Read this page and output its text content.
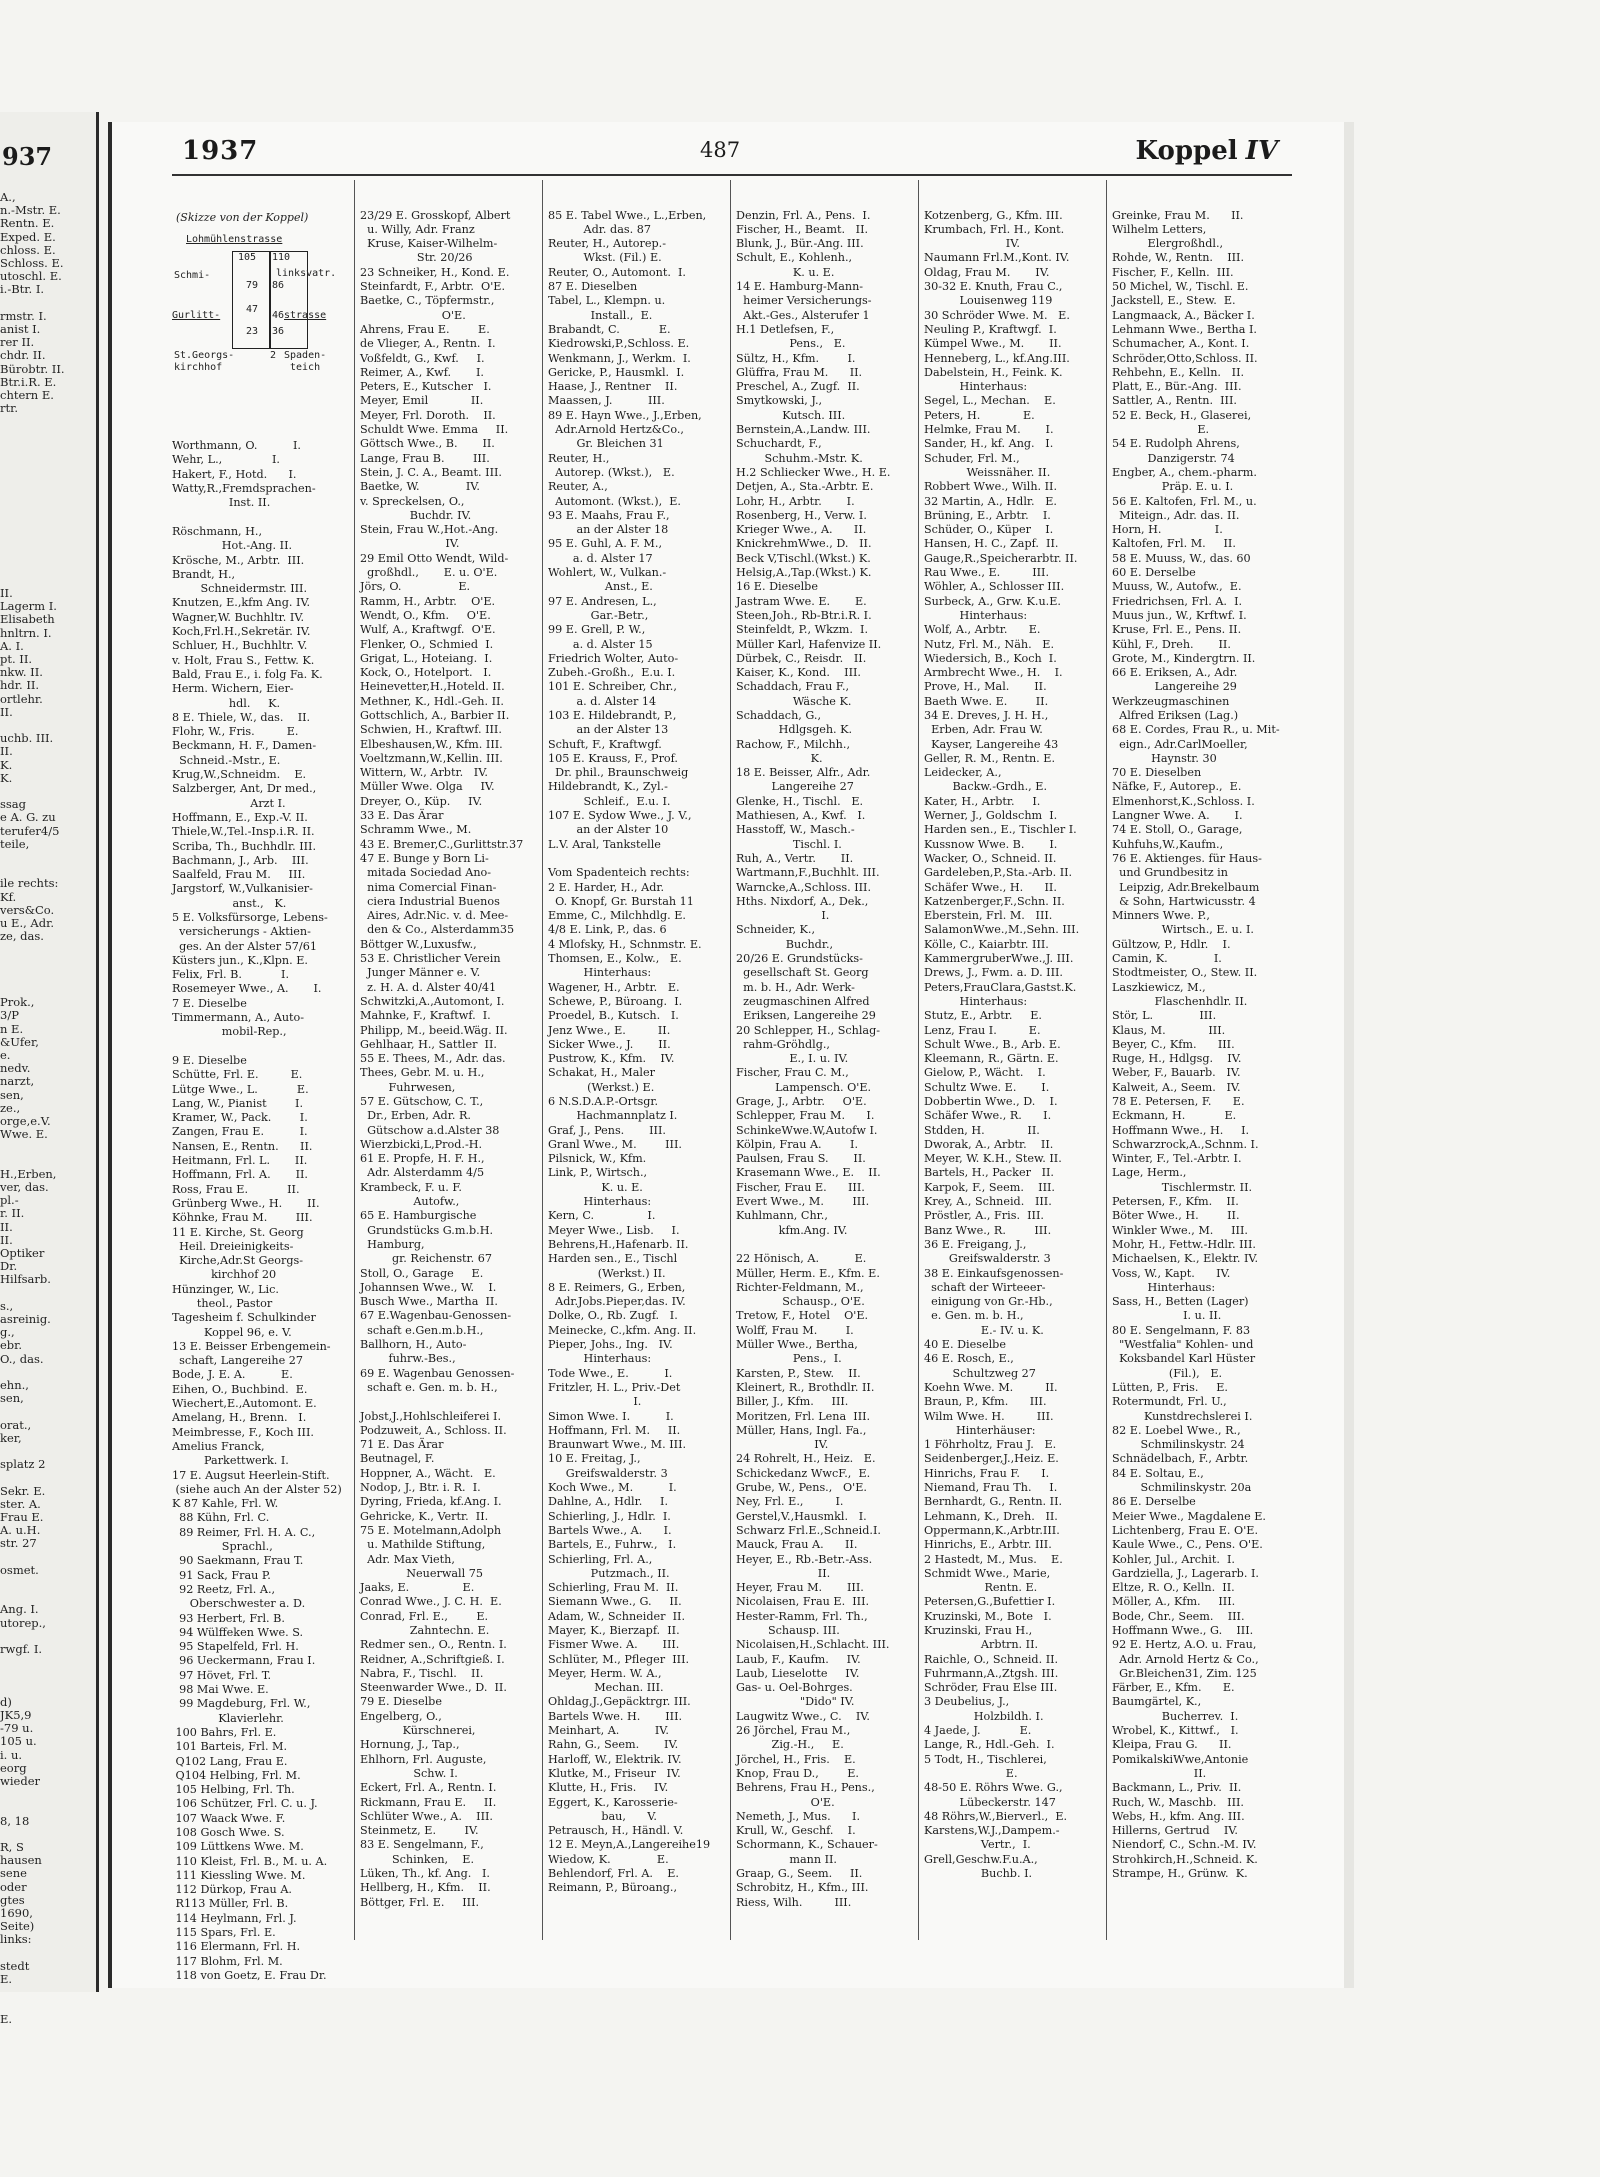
937
A.,
n.-Mstr. E.
Rentn. E.
Exped. E.
chloss. E.
Schloss. E.
utoschl. E.
i.-Btr. I.
rmstr. I.
anist I.
rer II.
chdr. II.
Bürobtr. II.
Btr.i.R. E.
chtern E.
rtr.
II.
Lagerm I.
Elisabeth
hnltrn. I.
A. I.
pt. II.
nkw. II.
hdr. II.
ortlehr.
II.
uchb. III.
II.
K.
K.
ssag
e A. G. zu
terufer4/5
teile,
ile rechts:
Kf.
vers&Co.
u E., Adr.
ze, das.
Prok.,
3/P
n E.
&Ufer,
e.
nedv.
narzt,
sen,
ze.,
orge,e.V.
Wwe. E.
H.,Erben,
ver, das.
pl.-
r. II.
II.
II.
Optiker
Dr.
Hilfsarb.
s.,
asreinig.
g.,
ebr.
O., das.
ehn.,
sen,
orat.,
ker,
splatz 2
Sekr. E.
ster. A.
Frau E.
A. u.H.
str. 27
osmet.
Ang. I.
utorep.,
rwgf. I.
d)
JK5,9
-79 u.
105 u.
i. u.
eorg
wieder
8, 18
R, S
hausen
senе
oder
gtes
1690,
Seite)
links:
stedt
E.
E.
1937	487	Koppel IV

(Skizze von der Koppel)

Lohmühlenstrasse

105

110

Schmi-

79

86

linksvatr.

Gurlitt-

47

46

strasse

23

36

St.Georgs-

kirchhof

2

Spaden-

teich

Worthmann, O.          I.
Wehr, L.,              I.
Hakert, F., Hotd.      I.
Watty,R.,Fremdsprachen-
Inst. II.

Röschmann, H.,
Hot.-Ang. II.
Krösche, M., Arbtr.  III.
Brandt, H.,
Schneidermstr. III.
Knutzen, E.,kfm Ang. IV.
Wagner,W. Buchhltr. IV.
Koch,Frl.H.,Sekretär. IV.
Schluer, H., Buchhltr. V.
v. Holt, Frau S., Fettw. K.
Bald, Frau E., i. folg Fa. K.
Herm. Wichern, Eier-
hdl.     K.
8 E. Thiele, W., das.    II.
Flohr, W., Fris.         E.
Beckmann, H. F., Damen-
Schneid.-Mstr., E.
Krug,W.,Schneidm.    E.
Salzberger, Ant, Dr med.,
Arzt I.
Hoffmann, E., Exp.-V. II.
Thiele,W.,Tel.-Insp.i.R. II.
Scriba, Th., Buchhdlr. III.
Bachmann, J., Arb.    III.
Saalfeld, Frau M.     III.
Jargstorf, W.,Vulkanisier-
anst.,   K.
5 E. Volksfürsorge, Lebens-
versicherungs - Aktien-
ges. An der Alster 57/61
Küsters jun., K.,Klpn. E.
Felix, Frl. B.           I.
Rosemeyer Wwe., A.       I.
7 E. Dieselbe
Timmermann, A., Auto-
mobil-Rep.,

9 E. Dieselbe
Schütte, Frl. E.         E.
Lütge Wwe., L.           E.
Lang, W., Pianist        I.
Kramer, W., Pack.        I.
Zangen, Frau E.          I.
Nansen, E., Rentn.      II.
Heitmann, Frl. L.       II.
Hoffmann, Frl. A.       II.
Ross, Frau E.           II.
Grünberg Wwe., H.       II.
Köhnke, Frau M.        III.
11 E. Kirche, St. Georg
Heil. Dreieinigkeits-
Kirche,Adr.St Georgs-
kirchhof 20
Hünzinger, W., Lic.
theol., Pastor
Tagesheim f. Schulkinder
Koppel 96, e. V.
13 E. Beisser Erbengemein-
schaft, Langereihe 27
Bode, J. E. A.          E.
Eihen, O., Buchbind.  E.
Wiechert,E.,Automont. E.
Amelang, H., Brenn.   I.
Meimbresse, F., Koch III.
Amelius Franck,
Parkettwerk. I.
17 E. Augsut Heerlein-Stift.
(siehe auch An der Alster 52)
K 87 Kahle, Frl. W.
88 Kühn, Frl. C.
89 Reimer, Frl. H. A. C.,
Sprachl.,
90 Saekmann, Frau T.
91 Sack, Frau P.
92 Reetz, Frl. A.,
Oberschwester a. D.
93 Herbert, Frl. B.
94 Wülffeken Wwe. S.
95 Stapelfeld, Frl. H.
96 Ueckermann, Frau I.
97 Hövet, Frl. T.
98 Mai Wwe. E.
99 Magdeburg, Frl. W.,
Klavierlehr.
100 Bahrs, Frl. E.
101 Barteis, Frl. M.
Q102 Lang, Frau E.
Q104 Helbing, Frl. M.
105 Helbing, Frl. Th.
106 Schützer, Frl. C. u. J.
107 Waack Wwe. F.
108 Gosch Wwe. S.
109 Lüttkens Wwe. M.
110 Kleist, Frl. B., M. u. A.
111 Kiessling Wwe. M.
112 Dürkop, Frau A.
R113 Müller, Frl. B.
114 Heylmann, Frl. J.
115 Spars, Frl. E.
116 Elermann, Frl. H.
117 Blohm, Frl. M.
118 von Goetz, E. Frau Dr.

23/29 E. Grosskopf, Albert
u. Willy, Adr. Franz
Kruse, Kaiser-Wilhelm-
Str. 20/26
23 Schneiker, H., Kond. E.
Steinfardt, F., Arbtr.  O'E.
Baetke, C., Töpfermstr.,
O'E.
Ahrens, Frau E.        E.
de Vlieger, A., Rentn.  I.
Voßfeldt, G., Kwf.     I.
Reimer, A., Kwf.       I.
Peters, E., Kutscher   I.
Meyer, Emil            II.
Meyer, Frl. Doroth.    II.
Schuldt Wwe. Emma     II.
Göttsch Wwe., B.       II.
Lange, Frau B.        III.
Stein, J. C. A., Beamt. III.
Baetke, W.             IV.
v. Spreckelsen, O.,
Buchdr. IV.
Stein, Frau W.,Hot.-Ang.
IV.
29 Emil Otto Wendt, Wild-
großhdl.,       E. u. O'E.
Jörs, O.                E.
Ramm, H., Arbtr.    O'E.
Wendt, O., Kfm.     O'E.
Wulf, A., Kraftwgf.  O'E.
Flenker, O., Schmied  I.
Grigat, L., Hoteiang.  I.
Kock, O., Hotelport.   I.
Heinevetter,H.,Hoteld. II.
Methner, K., Hdl.-Geh. II.
Gottschlich, A., Barbier II.
Schwien, H., Kraftwf. III.
Elbeshausen,W., Kfm. III.
Voeltzmann,W.,Kellin. III.
Wittern, W., Arbtr.   IV.
Müller Wwe. Olga     IV.
Dreyer, O., Küp.     IV.
33 E. Das Ärar
Schramm Wwe., M.
43 E. Bremer,C.,Gurlittstr.37
47 E. Bunge y Born Li-
mitada Sociedad Ano-
nima Comercial Finan-
ciera Industrial Buenos
Aires, Adr.Nic. v. d. Mee-
den & Co., Alsterdamm35
Böttger W.,Luxusfw.,
53 E. Christlicher Verein
Junger Männer e. V.
z. H. A. d. Alster 40/41
Schwitzki,A.,Automont, I.
Mahnke, F., Kraftwf.  I.
Philipp, M., beeid.Wäg. II.
Gehlhaar, H., Sattler  II.
55 E. Thees, M., Adr. das.
Thees, Gebr. M. u. H.,
Fuhrwesen,
57 E. Gütschow, C. T.,
Dr., Erben, Adr. R.
Gütschow a.d.Alster 38
Wierzbicki,L,Prod.-H.
61 E. Propfe, H. F. H.,
Adr. Alsterdamm 4/5
Krambeck, F. u. F.
Autofw.,
65 E. Hamburgische
Grundstücks G.m.b.H.
Hamburg,
gr. Reichenstr. 67
Stoll, O., Garage     E.
Johannsen Wwe., W.    I.
Busch Wwe., Martha  II.
67 E.Wagenbau-Genossen-
schaft e.Gen.m.b.H.,
Ballhorn, H., Auto-
fuhrw.-Bes.,
69 E. Wagenbau Genossen-
schaft e. Gen. m. b. H.,

Jobst,J.,Hohlschleiferei I.
Podzuweit, A., Schloss. II.
71 E. Das Ärar
Beutnagel, F.
Hoppner, A., Wächt.   E.
Nodop, J., Btr. i. R.  I.
Dyring, Frieda, kf.Ang. I.
Gehricke, K., Vertr.  II.
75 E. Motelmann,Adolph
u. Mathilde Stiftung,
Adr. Max Vieth,
Neuerwall 75
Jaaks, E.               E.
Conrad Wwe., J. C. H.  E.
Conrad, Frl. E.,        E.
Zahntechn. E.
Redmer sen., O., Rentn. I.
Reidner, A.,Schriftgieß. I.
Nabra, F., Tischl.    II.
Steenwarder Wwe., D.  II.
79 E. Dieselbe
Engelberg, O.,
Kürschnerei,
Hornung, J., Tap.,
Ehlhorn, Frl. Auguste,
Schw. I.
Eckert, Frl. A., Rentn. I.
Rickmann, Frau E.     II.
Schlüter Wwe., A.    III.
Steinmetz, E.        IV.
83 E. Sengelmann, F.,
Schinken,    E.
Lüken, Th., kf. Ang.   I.
Hellberg, H., Kfm.    II.
Böttger, Frl. E.     III.

85 E. Tabel Wwe., L.,Erben,
Adr. das. 87
Reuter, H., Autorep.-
Wkst. (Fil.) E.
Reuter, O., Automont.  I.
87 E. Dieselben
Tabel, L., Klempn. u.
Install.,  E.
Brabandt, C.           E.
Kiedrowski,P.,Schloss. E.
Wenkmann, J., Werkm.  I.
Gericke, P., Hausmkl.  I.
Haase, J., Rentner    II.
Maassen, J.          III.
89 E. Hayn Wwe., J.,Erben,
Adr.Arnold Hertz&Co.,
Gr. Bleichen 31
Reuter, H.,
Autorep. (Wkst.),   E.
Reuter, A.,
Automont. (Wkst.),  E.
93 E. Maahs, Frau F.,
an der Alster 18
95 E. Guhl, A. F. M.,
a. d. Alster 17
Wohlert, W., Vulkan.-
Anst., E.
97 E. Andresen, L.,
Gar.-Betr.,
99 E. Grell, P. W.,
a. d. Alster 15
Friedrich Wolter, Auto-
Zubeh.-Großh.,  E.u. I.
101 E. Schreiber, Chr.,
a. d. Alster 14
103 E. Hildebrandt, P.,
an der Alster 13
Schuft, F., Kraftwgf.
105 E. Krauss, F., Prof.
Dr. phil., Braunschweig
Hildebrandt, K., Zyl.-
Schleif.,  E.u. I.
107 E. Sydow Wwe., J. V.,
an der Alster 10
L.V. Aral, Tankstelle

Vom Spadenteich rechts:
2 E. Harder, H., Adr.
O. Knopf, Gr. Burstah 11
Emme, C., Milchhdlg. E.
4/8 E. Link, P., das. 6
4 Mlofsky, H., Schnmstr. E.
Thomsen, E., Kolw.,   E.
Hinterhaus:
Wagener, H., Arbtr.   E.
Schewe, P., Büroang.  I.
Proedel, B., Kutsch.   I.
Jenz Wwe., E.         II.
Sicker Wwe., J.       II.
Pustrow, K., Kfm.    IV.
Schakat, H., Maler
(Werkst.) E.
6 N.S.D.A.P.-Ortsgr.
Hachmannplatz I.
Graf, J., Pens.       III.
Granl Wwe., M.        III.
Pilsnick, W., Kfm.
Link, P., Wirtsch.,
K. u. E.
Hinterhaus:
Kern, C.               I.
Meyer Wwe., Lisb.     I.
Behrens,H.,Hafenarb. II.
Harden sen., E., Tischl
(Werkst.) II.
8 E. Reimers, G., Erben,
Adr.Jobs.Pieper,das. IV.
Dolke, O., Rb. Zugf.   I.
Meinecke, C.,kfm. Ang. II.
Pieper, Johs., Ing.   IV.
Hinterhaus:
Tode Wwe., E.          I.
Fritzler, H. L., Priv.-Det
I.
Simon Wwe. I.          I.
Hoffmann, Frl. M.     II.
Braunwart Wwe., M. III.
10 E. Freitag, J.,
Greifswalderstr. 3
Koch Wwe., M.          I.
Dahlne, A., Hdlr.     I.
Schierling, J., Hdlr.  I.
Bartels Wwe., A.      I.
Bartels, E., Fuhrw.,   I.
Schierling, Frl. A.,
Putzmach., II.
Schierling, Frau M.  II.
Siemann Wwe., G.     II.
Adam, W., Schneider  II.
Mayer, K., Bierzapf.  II.
Fismer Wwe. A.       III.
Schlüter, M., Pfleger  III.
Meyer, Herm. W. A.,
Mechan. III.
Ohldag,J.,Gepäcktrgr. III.
Bartels Wwe. H.       III.
Meinhart, A.          IV.
Rahn, G., Seem.       IV.
Harloff, W., Elektrik. IV.
Klutke, M., Friseur   IV.
Klutte, H., Fris.     IV.
Eggert, K., Karosserie-
bau,      V.
Petrausch, H., Händl. V.
12 E. Meyn,A.,Langereihe19
Wiedow, K.             E.
Behlendorf, Frl. A.    E.
Reimann, P., Büroang.,

Denzin, Frl. A., Pens.  I.
Fischer, H., Beamt.   II.
Blunk, J., Bür.-Ang. III.
Schult, E., Kohlenh.,
K. u. E.
14 E. Hamburg-Mann-
heimer Versicherungs-
Akt.-Ges., Alsterufer 1
H.1 Detlefsen, F.,
Pens.,   E.
Sültz, H., Kfm.        I.
Glüffra, Frau M.      II.
Preschel, A., Zugf.  II.
Smytkowski, J.,
Kutsch. III.
Bernstein,A.,Landw. III.
Schuchardt, F.,
Schuhm.-Mstr. K.
H.2 Schliecker Wwe., H. E.
Detjen, A., Sta.-Arbtr. E.
Lohr, H., Arbtr.       I.
Rosenberg, H., Verw. I.
Krieger Wwe., A.      II.
KnickrehmWwe., D.   II.
Beck V,Tischl.(Wkst.) K.
Helsig,A.,Tap.(Wkst.) K.
16 E. Dieselbe
Jastram Wwe. E.       E.
Steen,Joh., Rb-Btr.i.R. I.
Steinfeldt, P., Wkzm.  I.
Müller Karl, Hafenvize II.
Dürbek, C., Reisdr.   II.
Kaiser, K., Kond.    III.
Schaddach, Frau F.,
Wäsche K.
Schaddach, G.,
Hdlgsgeh. K.
Rachow, F., Milchh.,
K.
18 E. Beisser, Alfr., Adr.
Langereihe 27
Glenke, H., Tischl.   E.
Mathiesen, A., Kwf.   I.
Hasstoff, W., Masch.-
Tischl. I.
Ruh, A., Vertr.       II.
Wartmann,F.,Buchhlt. III.
Warncke,A.,Schloss. III.
Hths. Nixdorf, A., Dek.,
I.
Schneider, K.,
Buchdr.,
20/26 E. Grundstücks-
gesellschaft St. Georg
m. b. H., Adr. Werk-
zeugmaschinen Alfred
Eriksen, Langereihe 29
20 Schlepper, H., Schlag-
rahm-Gröhdlg.,
E., I. u. IV.
Fischer, Frau C. M.,
Lampensch. O'E.
Grage, J., Arbtr.     O'E.
Schlepper, Frau M.      I.
SchinkeWwe.W,Autofw I.
Kölpin, Frau A.        I.
Paulsen, Frau S.       II.
Krasemann Wwe., E.    II.
Fischer, Frau E.      III.
Evert Wwe., M.        III.
Kuhlmann, Chr.,
kfm.Ang. IV.

22 Hönisch, A.          E.
Müller, Herm. E., Kfm. E.
Richter-Feldmann, M.,
Schausp., O'E.
Tretow, F., Hotel    O'E.
Wolff, Frau M.        I.
Müller Wwe., Bertha,
Pens.,  I.
Karsten, P., Stew.    II.
Kleinert, R., Brothdlr. II.
Biller, J., Kfm.     III.
Moritzen, Frl. Lena  III.
Müller, Hans, Ingl. Fa.,
IV.
24 Rohrelt, H., Heiz.   E.
Schickedanz WwcF.,  E.
Grube, W., Pens.,   O'E.
Ney, Frl. E.,         I.
Gerstel,V.,Hausmkl.   I.
Schwarz Frl.E.,Schneid.I.
Mauck, Frau A.      II.
Heyer, E., Rb.-Betr.-Ass.
II.
Heyer, Frau M.       III.
Nicolaisen, Frau E.  III.
Hester-Ramm, Frl. Th.,
Schausp. III.
Nicolaisen,H.,Schlacht. III.
Laub, F., Kaufm.     IV.
Laub, Lieselotte     IV.
Gas- u. Oel-Bohrges.
"Dido" IV.
Laugwitz Wwe., C.    IV.
26 Jörchel, Frau M.,
Zig.-H.,     E.
Jörchel, H., Fris.    E.
Knop, Frau D.,        E.
Behrens, Frau H., Pens.,
O'E.
Nemeth, J., Mus.      I.
Krull, W., Geschf.    I.
Schormann, K., Schauer-
mann II.
Graap, G., Seem.     II.
Schrobitz, H., Kfm., III.
Riess, Wilh.         III.

Kotzenberg, G., Kfm. III.
Krumbach, Frl. H., Kont.
IV.
Naumann Frl.M.,Kont. IV.
Oldag, Frau M.       IV.
30-32 E. Knuth, Frau C.,
Louisenweg 119
30 Schröder Wwe. M.   E.
Neuling P., Kraftwgf.  I.
Kümpel Wwe., M.       II.
Henneberg, L., kf.Ang.III.
Dabelstein, H., Feink. K.
Hinterhaus:
Segel, L., Mechan.    E.
Peters, H.            E.
Helmke, Frau M.       I.
Sander, H., kf. Ang.   I.
Schuder, Frl. M.,
Weissnäher. II.
Robbert Wwe., Wilh. II.
32 Martin, A., Hdlr.   E.
Brüning, E., Arbtr.    I.
Schüder, O., Küper    I.
Hansen, H. C., Zapf.  II.
Gauge,R.,Speicherarbtr. II.
Rau Wwe., E.         III.
Wöhler, A., Schlosser III.
Surbeck, A., Grw. K.u.E.
Hinterhaus:
Wolf, A., Arbtr.      E.
Nutz, Frl. M., Näh.   E.
Wiedersich, B., Koch  I.
Armbrecht Wwe., H.    I.
Prove, H., Mal.       II.
Baeth Wwe. E.        II.
34 E. Dreves, J. H. H.,
Erben, Adr. Frau W.
Kayser, Langereihe 43
Geller, R. M., Rentn. E.
Leidecker, A.,
Backw.-Grdh., E.
Kater, H., Arbtr.     I.
Werner, J., Goldschm  I.
Harden sen., E., Tischler I.
Kussnow Wwe. B.       I.
Wacker, O., Schneid. II.
Gardeleben,P.,Sta.-Arb. II.
Schäfer Wwe., H.      II.
Katzenberger,F.,Schn. II.
Eberstein, Frl. M.   III.
SalamonWwe.,M.,Sehn. III.
Kölle, C., Kaiarbtr. III.
KammergruberWwe.,J. III.
Drews, J., Fwm. a. D. III.
Peters,FrauClara,Gastst.K.
Hinterhaus:
Stutz, E., Arbtr.     E.
Lenz, Frau I.         E.
Schult Wwe., B., Arb. E.
Kleemann, R., Gärtn. E.
Gielow, P., Wächt.    I.
Schultz Wwe. E.       I.
Dobbertin Wwe., D.    I.
Schäfer Wwe., R.      I.
Stdden, H.            II.
Dworak, A., Arbtr.    II.
Meyer, W. K.H., Stew. II.
Bartels, H., Packer   II.
Karpok, F., Seem.    III.
Krey, A., Schneid.   III.
Pröstler, A., Fris.  III.
Banz Wwe., R.        III.
36 E. Freigang, J.,
Greifswalderstr. 3
38 E. Einkaufsgenossen-
schaft der Wirteeer-
einigung von Gr.-Hb.,
e. Gen. m. b. H.,
E.- IV. u. K.
40 E. Dieselbe
46 E. Rosch, E.,
Schultzweg 27
Koehn Wwe. M.         II.
Braun, P., Kfm.      III.
Wilm Wwe. H.         III.
Hinterhäuser:
1 Föhrholtz, Frau J.   E.
Seidenberger,J.,Heiz. E.
Hinrichs, Frau F.      I.
Niemand, Frau Th.     I.
Bernhardt, G., Rentn. II.
Lehmann, K., Dreh.   II.
Oppermann,K.,Arbtr.III.
Hinrichs, E., Arbtr. III.
2 Hastedt, M., Mus.    E.
Schmidt Wwe., Marie,
Rentn. E.
Petersen,G.,Bufettier I.
Kruzinski, M., Bote   I.
Kruzinski, Frau H.,
Arbtrn. II.
Raichle, O., Schneid. II.
Fuhrmann,A.,Ztgsh. III.
Schröder, Frau Else III.
3 Deubelius, J.,
Holzbildh. I.
4 Jaede, J.           E.
Lange, R., Hdl.-Geh.  I.
5 Todt, H., Tischlerei,
E.
48-50 E. Röhrs Wwe. G.,
Lübeckerstr. 147
48 Röhrs,W.,Bierverl.,  E.
Karstens,W.J.,Dampem.-
Vertr.,  I.
Grell,Geschw.F.u.A.,
Buchb. I.

Greinke, Frau M.      II.
Wilhelm Letters,
Elergroßhdl.,
Rohde, W., Rentn.    III.
Fischer, F., Kelln.  III.
50 Michel, W., Tischl. E.
Jackstell, E., Stew.  E.
Langmaack, A., Bäcker I.
Lehmann Wwe., Bertha I.
Schumacher, A., Kont. I.
Schröder,Otto,Schloss. II.
Rehbehn, E., Kelln.   II.
Platt, E., Bür.-Ang.  III.
Sattler, A., Rentn.  III.
52 E. Beck, H., Glaserei,
E.
54 E. Rudolph Ahrens,
Danzigerstr. 74
Engber, A., chem.-pharm.
Präp. E. u. I.
56 E. Kaltofen, Frl. M., u.
Miteign., Adr. das. II.
Horn, H.               I.
Kaltofen, Frl. M.     II.
58 E. Muuss, W., das. 60
60 E. Derselbe
Muuss, W., Autofw.,  E.
Friedrichsen, Frl. A.  I.
Muus jun., W., Krftwf. I.
Kruse, Frl. E., Pens. II.
Kühl, F., Dreh.       II.
Grote, M., Kindergtrn. II.
66 E. Eriksen, A., Adr.
Langereihe 29
Werkzeugmaschinen
Alfred Eriksen (Lag.)
68 E. Cordes, Frau R., u. Mit-
eign., Adr.CarlMoeller,
Haynstr. 30
70 E. Dieselben
Näfke, F., Autorep.,  E.
Elmenhorst,K.,Schloss. I.
Langner Wwe. A.       I.
74 E. Stoll, O., Garage,
Kuhfuhs,W.,Kaufm.,
76 E. Aktienges. für Haus-
und Grundbesitz in
Leipzig, Adr.Brekelbaum
& Sohn, Hartwicusstr. 4
Minners Wwe. P.,
Wirtsch., E. u. I.
Gültzow, P., Hdlr.    I.
Camin, K.             I.
Stodtmeister, O., Stew. II.
Laszkiewicz, M.,
Flaschenhdlr. II.
Stör, L.             III.
Klaus, M.            III.
Beyer, C., Kfm.      III.
Ruge, H., Hdlgsg.    IV.
Weber, F., Bauarb.   IV.
Kalweit, A., Seem.   IV.
78 E. Petersen, F.      E.
Eckmann, H.           E.
Hoffmann Wwe., H.     I.
Schwarzrock,A.,Schnm. I.
Winter, F., Tel.-Arbtr. I.
Lage, Herm.,
Tischlermstr. II.
Petersen, F., Kfm.    II.
Böter Wwe., H.        II.
Winkler Wwe., M.     III.
Mohr, H., Fettw.-Hdlr. III.
Michaelsen, K., Elektr. IV.
Voss, W., Kapt.      IV.
Hinterhaus:
Sass, H., Betten (Lager)
I. u. II.
80 E. Sengelmann, F. 83
"Westfalia" Kohlen- und
Koksbandel Karl Hüster
(Fil.),   E.
Lütten, P., Fris.     E.
Rotermundt, Frl. U.,
Kunstdrechslerei I.
82 E. Loebel Wwe., R.,
Schmilinskystr. 24
Schnädelbach, F., Arbtr.
84 E. Soltau, E.,
Schmilinskystr. 20a
86 E. Derselbe
Meier Wwe., Magdalene E.
Lichtenberg, Frau E. O'E.
Kaule Wwe., C., Pens. O'E.
Kohler, Jul., Archit.  I.
Gardziella, J., Lagerarb. I.
Eltze, R. O., Kelln.  II.
Möller, A., Kfm.     III.
Bode, Chr., Seem.    III.
Hoffmann Wwe., G.    III.
92 E. Hertz, A.O. u. Frau,
Adr. Arnold Hertz & Co.,
Gr.Bleichen31, Zim. 125
Färber, E., Kfm.      E.
Baumgärtel, K.,
Bucherrev.  I.
Wrobel, K., Kittwf.,   I.
Kleipa, Frau G.      II.
PomikalskiWwe,Antonie
II.
Backmann, L., Priv.  II.
Ruch, W., Maschb.   III.
Webs, H., kfm. Ang. III.
Hillerns, Gertrud    IV.
Niendorf, C., Schn.-M. IV.
Strohkirch,H.,Schneid. K.
Strampe, H., Grünw.  K.
